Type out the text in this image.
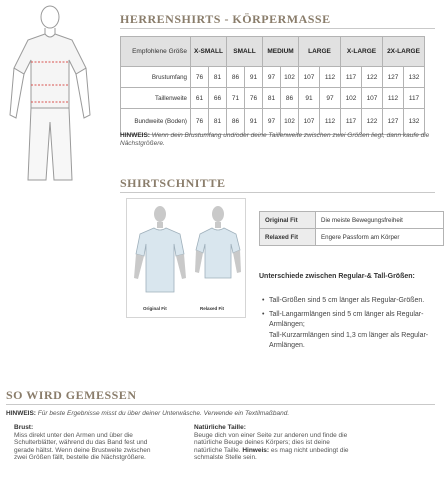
HERRENSHIRTS - KÖRPERMASSE
Empfohlene Größe	X-SMALL		SMALL		MEDIUM		LARGE		X-LARGE		2X-LARGE	
Brustumfang	76	81	86	91	97	102	107	112	117	122	127	132
Taillenweite	61	66	71	76	81	86	91	97	102	107	112	117
Bundweite (Boden)	76	81	86	91	97	102	107	112	117	122	127	132
HINWEIS: Wenn dein Brustumfang und/oder deine Taillenweite zwischen zwei Größen liegt, dann kaufe die Nächstgrößere.
SHIRTSCHNITTE
Original Fit	Relaxed Fit
Original Fit	Die meiste Bewegungsfreiheit
Relaxed Fit	Engere Passform am Körper
Unterschiede zwischen Regular-& Tall-Größen:
• Tall-Größen sind 5 cm länger als Regular-Größen.
• Tall-Langarmlängen sind 5 cm länger als Regular-Armlängen;
Tall-Kurzarmlängen sind 1,3 cm länger als Regular-Armlängen.
SO WIRD GEMESSEN
HINWEIS: Für beste Ergebnisse misst du über deiner Unterwäsche. Verwende ein Textilmaßband.
Brust:
Miss direkt unter den Armen und über die Schulterblätter, während du das Band fest und gerade hältst. Wenn deine Brustweite zwischen zwei Größen fällt, bestelle die Nächstgrößere.
Natürliche Taille:
Beuge dich von einer Seite zur anderen und finde die natürliche Beuge deines Körpers; dies ist deine natürliche Taille. Hinweis: es mag nicht unbedingt die schmalste Stelle sein.
